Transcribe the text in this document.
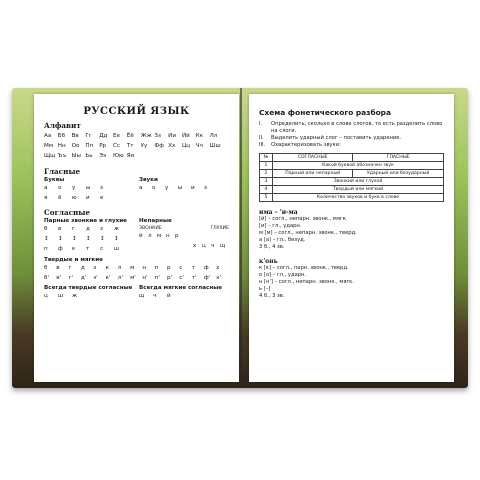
РУССКИЙ ЯЗЫК
Алфавит
Аа	Бб	Вв	Гг	Дд Ее	Ёё	Жж Зз	Ии	Йй	Кк	Лл
Мм Нн	Оо	Пп	Рр	Сс	Тт	Уу	Фф Хх	Цц	Чч	Шш
Щщ Ъъ Ыы Ьь	Ээ	Юю Яя
Гласные
Буквы
а	о	у	ы	э
я	ё	ю	и	е
Звуки
а	о	у	ы	и	э
Согласные
Парные звонкие и глухие
б	в	г	д	з	ж
↕	↕	↕	↕	↕	↕
п	ф	к	т	с	ш
Непарные
ЗВОНКИЕ	ГЛУХИЕ
й л м н р
х	ц ч	щ
Твердые и мягкие
б	в	г	д	з	к	л	м	н	п	р	с	т	ф	х
б'	в'	г'	д'	з'	к'	л'	м'	н'	п'	р'	с'	т'	ф'	х'
Всегда твердые согласные
ц	ш	ж
Всегда мягкие согласные
щ	ч	й
Схема фонетического разбора
I.	Определить, сколько в слове слогов, то есть разделить слово на слоги.
II.	Выделить ударный слог – поставить ударение.
III.	Охарактеризовать звуки:
№	СОГЛАСНЫЕ	ГЛАСНЫЕ
1	Какой буквой обозначен звук	
2	Парный или непарный	Ударный или безударный
3	Звонкий или глухой	
4	Твердый или мягкий	
5	Количество звуков и букв в слове	
има – 'и-ма
[й] – согл., непарн. звонк., мягк.
[и] – гл., ударн.
м [м] – согл., непарн. звонк., тверд.
а [а] – гл., безуд.
3 б., 4 зв.
к'онь
к [к] – согл., парн. звонк., тверд.
о [о] – гл., ударн.
н [н'] – согл., непарн. звонк., мягк.
ь [–]
4 б., 3 зв.
